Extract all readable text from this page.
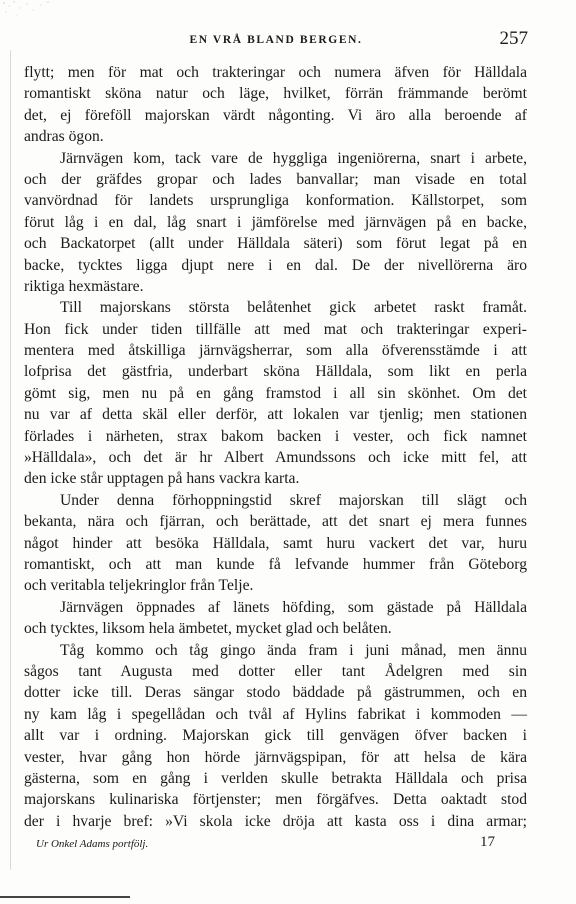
EN VRÅ BLAND BERGEN.	257
flytt; men för mat och trakteringar och numera äfven för Hälldala
romantiskt sköna natur och läge, hvilket, förrän främmande berömt
det, ej föreföll majorskan värdt någonting. Vi äro alla beroende af
andras ögon.
Järnvägen kom, tack vare de hyggliga ingeniörerna, snart i arbete,
och der gräfdes gropar och lades banvallar; man visade en total
vanvördnad för landets ursprungliga konformation. Källstorpet, som
förut låg i en dal, låg snart i jämförelse med järnvägen på en backe,
och Backatorpet (allt under Hälldala säteri) som förut legat på en
backe, tycktes ligga djupt nere i en dal. De der nivellörerna äro
riktiga hexmästare.
Till majorskans största belåtenhet gick arbetet raskt framåt.
Hon fick under tiden tillfälle att med mat och trakteringar experi-
mentera med åtskilliga järnvägsherrar, som alla öfverensstämde i att
lofprisa det gästfria, underbart sköna Hälldala, som likt en perla
gömt sig, men nu på en gång framstod i all sin skönhet. Om det
nu var af detta skäl eller derför, att lokalen var tjenlig; men stationen
förlades i närheten, strax bakom backen i vester, och fick namnet
»Hälldala», och det är hr Albert Amundssons och icke mitt fel, att
den icke står upptagen på hans vackra karta.
Under denna förhoppningstid skref majorskan till slägt och
bekanta, nära och fjärran, och berättade, att det snart ej mera funnes
något hinder att besöka Hälldala, samt huru vackert det var, huru
romantiskt, och att man kunde få lefvande hummer från Göteborg
och veritabla teljekringlor från Telje.
Järnvägen öppnades af länets höfding, som gästade på Hälldala
och tycktes, liksom hela ämbetet, mycket glad och belåten.
Tåg kommo och tåg gingo ända fram i juni månad, men ännu
sågos tant Augusta med dotter eller tant Ådelgren med sin
dotter icke till. Deras sängar stodo bäddade på gästrummen, och en
ny kam låg i spegellådan och tvål af Hylins fabrikat i kommoden —
allt var i ordning. Majorskan gick till genvägen öfver backen i
vester, hvar gång hon hörde järnvägspipan, för att helsa de kära
gästerna, som en gång i verlden skulle betrakta Hälldala och prisa
majorskans kulinariska förtjenster; men förgäfves. Detta oaktadt stod
der i hvarje bref: »Vi skola icke dröja att kasta oss i dina armar;
Ur Onkel Adams portfölj.	17
